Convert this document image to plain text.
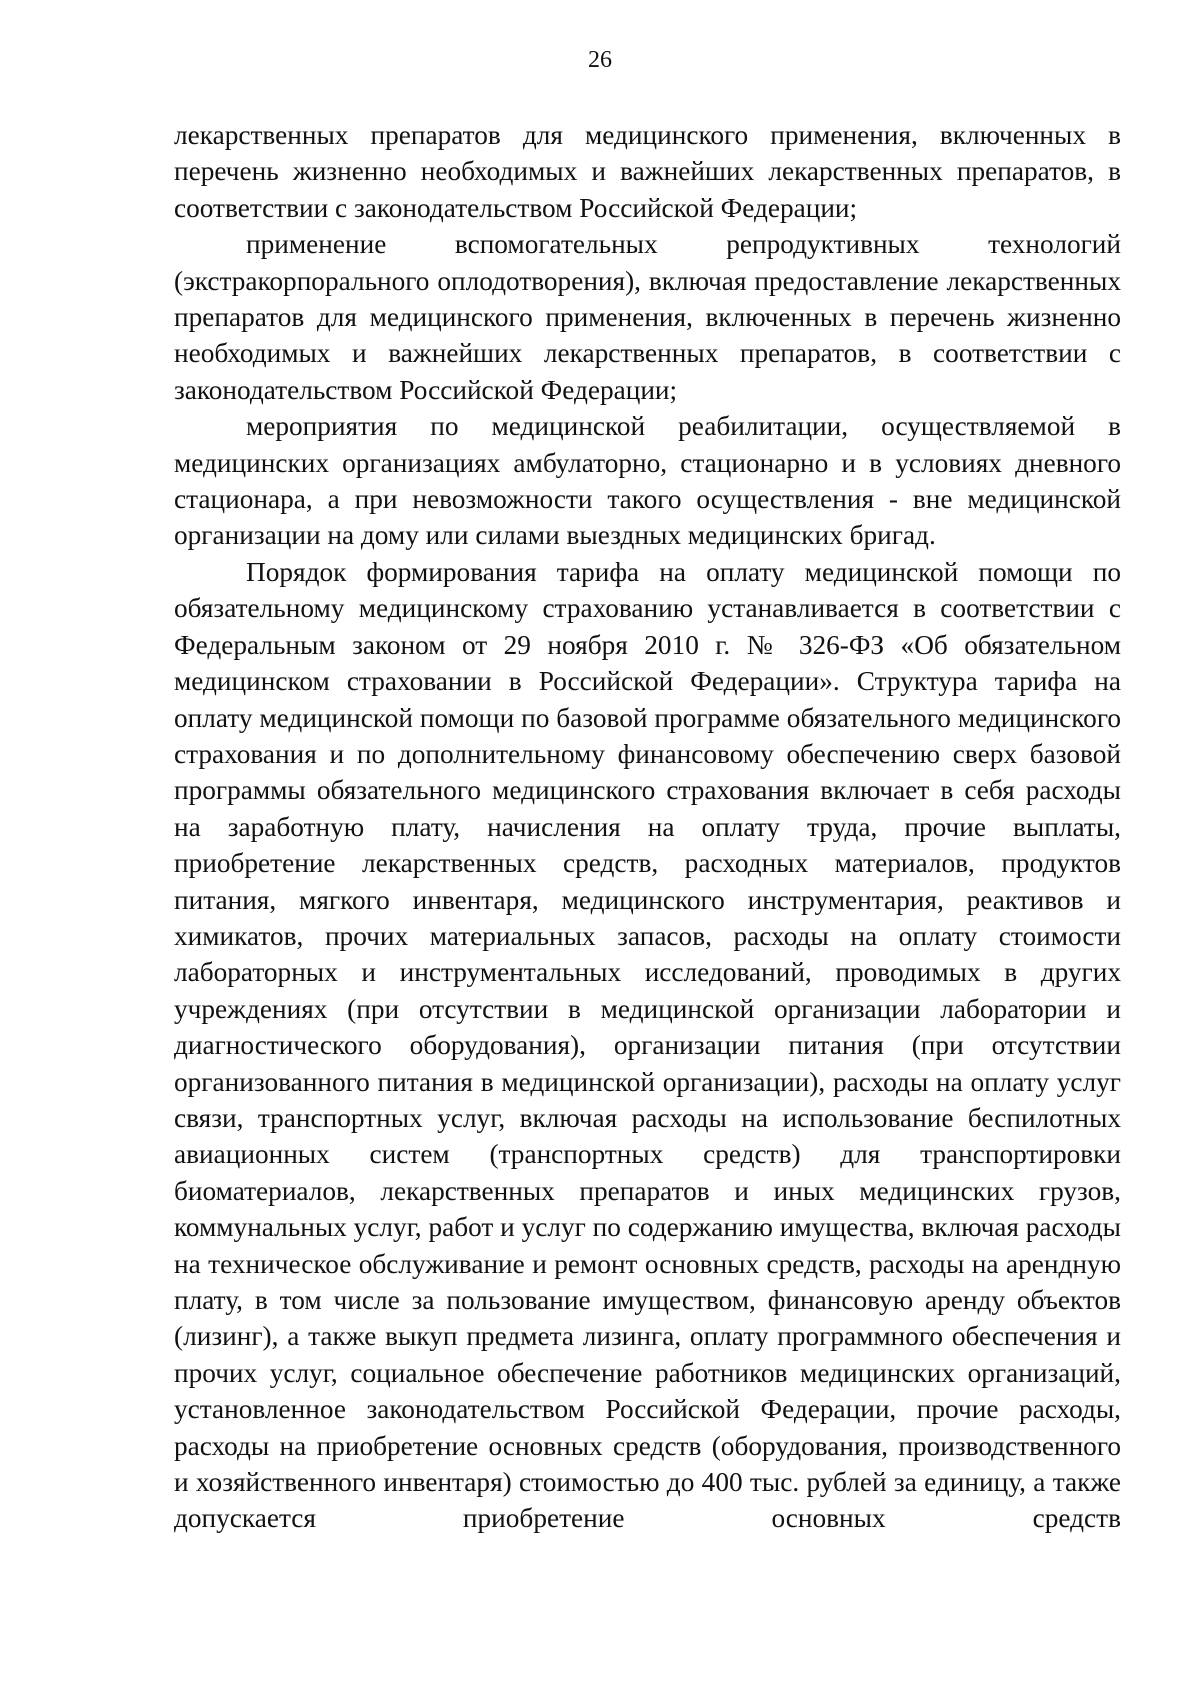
26

лекарственных препаратов для медицинского применения, включенных в перечень жизненно необходимых и важнейших лекарственных препаратов, в соответствии с законодательством Российской Федерации;

применение вспомогательных репродуктивных технологий (экстракорпорального оплодотворения), включая предоставление лекарственных препаратов для медицинского применения, включенных в перечень жизненно необходимых и важнейших лекарственных препаратов, в соответствии с законодательством Российской Федерации;

мероприятия по медицинской реабилитации, осуществляемой в медицинских организациях амбулаторно, стационарно и в условиях дневного стационара, а при невозможности такого осуществления - вне медицинской организации на дому или силами выездных медицинских бригад.

Порядок формирования тарифа на оплату медицинской помощи по обязательному медицинскому страхованию устанавливается в соответствии с Федеральным законом от 29 ноября 2010 г. № 326-ФЗ «Об обязательном медицинском страховании в Российской Федерации». Структура тарифа на оплату медицинской помощи по базовой программе обязательного медицинского страхования и по дополнительному финансовому обеспечению сверх базовой программы обязательного медицинского страхования включает в себя расходы на заработную плату, начисления на оплату труда, прочие выплаты, приобретение лекарственных средств, расходных материалов, продуктов питания, мягкого инвентаря, медицинского инструментария, реактивов и химикатов, прочих материальных запасов, расходы на оплату стоимости лабораторных и инструментальных исследований, проводимых в других учреждениях (при отсутствии в медицинской организации лаборатории и диагностического оборудования), организации питания (при отсутствии организованного питания в медицинской организации), расходы на оплату услуг связи, транспортных услуг, включая расходы на использование беспилотных авиационных систем (транспортных средств) для транспортировки биоматериалов, лекарственных препаратов и иных медицинских грузов, коммунальных услуг, работ и услуг по содержанию имущества, включая расходы на техническое обслуживание и ремонт основных средств, расходы на арендную плату, в том числе за пользование имуществом, финансовую аренду объектов (лизинг), а также выкуп предмета лизинга, оплату программного обеспечения и прочих услуг, социальное обеспечение работников медицинских организаций, установленное законодательством Российской Федерации, прочие расходы, расходы на приобретение основных средств (оборудования, производственного и хозяйственного инвентаря) стоимостью до 400 тыс. рублей за единицу, а также допускается приобретение основных средств
